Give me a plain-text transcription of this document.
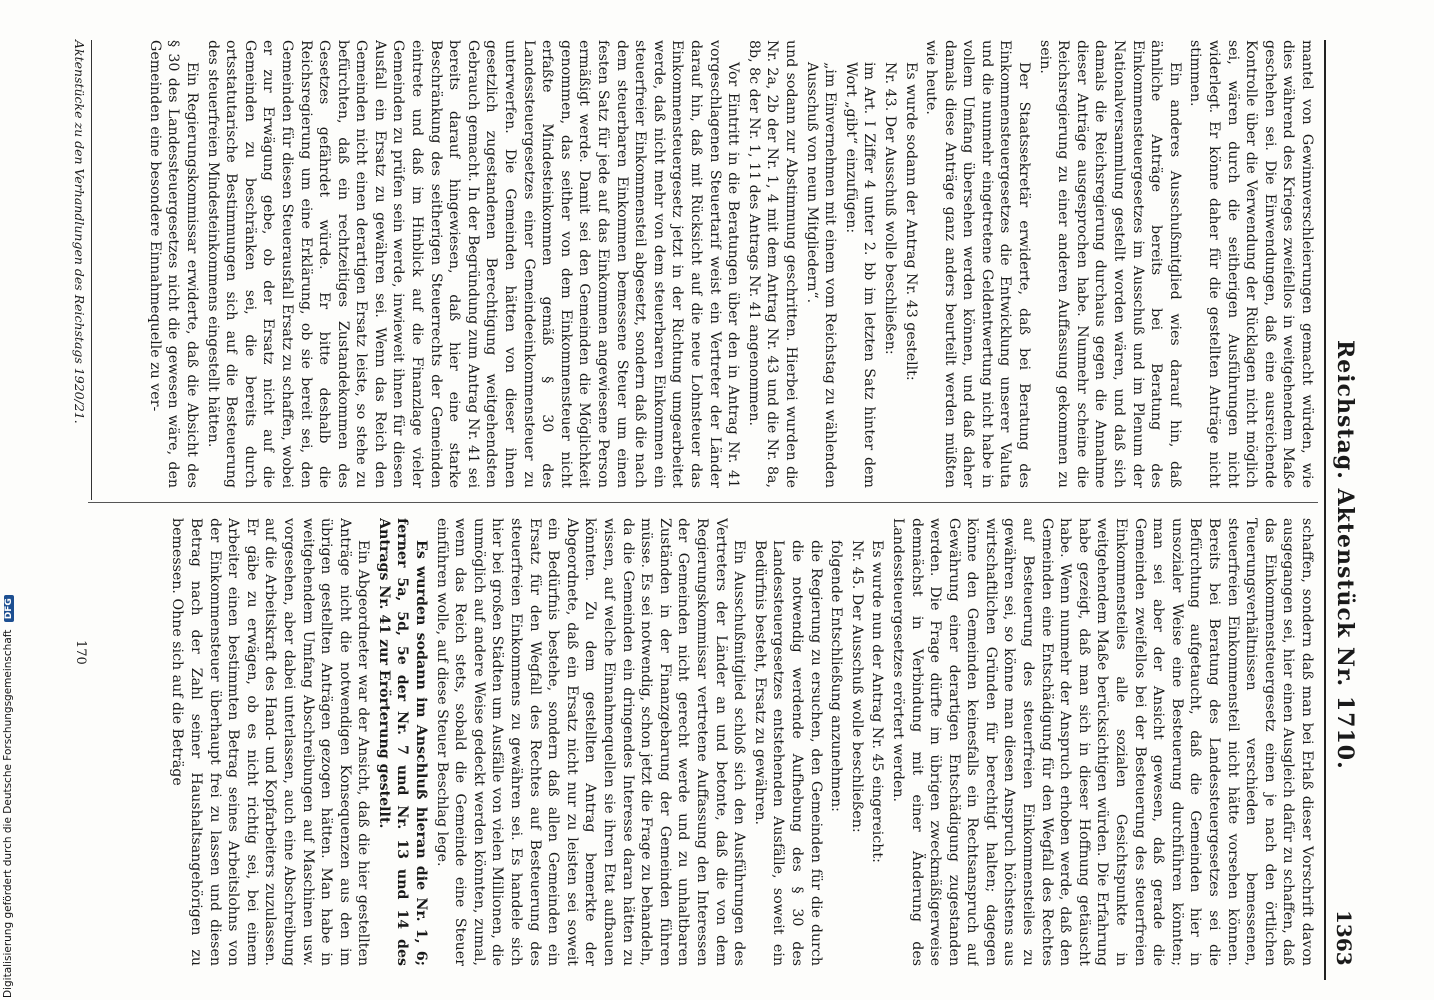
Reichstag. Aktenstück Nr. 1710.
1363

mantel von Gewinnverschleierungen gemacht würden, wie dies während des Krieges zweifellos in weitgehendem Maße geschehen sei. Die Einwendungen, daß eine ausreichende Kontrolle über die Verwendung der Rücklagen nicht möglich sei, wären durch die seitherigen Ausführungen nicht widerlegt. Er könne daher für die gestellten Anträge nicht stimmen.

Ein anderes Ausschußmitglied wies darauf hin, daß ähnliche Anträge bereits bei Beratung des Einkommensteuergesetzes im Ausschuß und im Plenum der Nationalversammlung gestellt worden wären, und daß sich damals die Reichsregierung durchaus gegen die Annahme dieser Anträge ausgesprochen habe. Nunmehr scheine die Reichsregierung zu einer anderen Auffassung gekommen zu sein.

Der Staatssekretär erwiderte, daß bei Beratung des Einkommensteuergesetzes die Entwicklung unserer Valuta und die nunmehr eingetretene Geldentwertung nicht habe in vollem Umfang übersehen werden können, und daß daher damals diese Anträge ganz anders beurteilt werden müßten wie heute.

Es wurde sodann der Antrag Nr. 43 gestellt:

Nr. 43. Der Ausschuß wolle beschließen:

im Art. I Ziffer 4 unter 2. bb im letzten Satz hinter dem Wort „gibt“ einzufügen:

„im Einvernehmen mit einem vom Reichstag zu wählenden Ausschuß von neun Mitgliedern“.

und sodann zur Abstimmung geschritten. Hierbei wurden die Nr. 2a, 2b der Nr. 1, 4 mit dem Antrag Nr. 43 und die Nr. 8a, 8b, 8c der Nr. 1, 11 des Antrags Nr. 41 angenommen.

Vor Eintritt in die Beratungen über den in Antrag Nr. 41 vorgeschlagenen Steuertarif weist ein Vertreter der Länder darauf hin, daß mit Rücksicht auf die neue Lohnsteuer das Einkommensteuergesetz jetzt in der Richtung umgearbeitet werde, daß nicht mehr von dem steuerbaren Einkommen ein steuerfreier Einkommensteil abgesetzt, sondern daß die nach dem steuerbaren Einkommen bemessene Steuer um einen festen Satz für jede auf das Einkommen angewiesene Person ermäßigt werde. Damit sei den Gemeinden die Möglichkeit genommen, das seither von dem Einkommensteuer nicht erfaßte Mindesteinkommen gemäß § 30 des Landessteuergesetzes einer Gemeindeeinkommensteuer zu unterwerfen. Die Gemeinden hätten von dieser ihnen gesetzlich zugestandenen Berechtigung weitgehendsten Gebrauch gemacht. In der Begründung zum Antrag Nr. 41 sei bereits darauf hingewiesen, daß hier eine starke Beschränkung des seitherigen Steuerrechts der Gemeinden eintrete und daß im Hinblick auf die Finanzlage vieler Gemeinden zu prüfen sein werde, inwieweit ihnen für diesen Ausfall ein Ersatz zu gewähren sei. Wenn das Reich den Gemeinden nicht einen derartigen Ersatz leiste, so stehe zu befürchten, daß ein rechtzeitiges Zustandekommen des Gesetzes gefährdet würde. Er bitte deshalb die Reichsregierung um eine Erklärung, ob sie bereit sei, den Gemeinden für diesen Steuerausfall Ersatz zu schaffen, wobei er zur Erwägung gebe, ob der Ersatz nicht auf die Gemeinden zu beschränken sei, die bereits durch ortsstatutarische Bestimmungen sich auf die Besteuerung des steuerfreien Mindesteinkommens eingestellt hätten.

Ein Regierungskommissar erwiderte, daß die Absicht des § 30 des Landessteuergesetzes nicht die gewesen wäre, den Gemeinden eine besondere Einnahmequelle zu ver-

schaffen, sondern daß man bei Erlaß dieser Vorschrift davon ausgegangen sei, hier einen Ausgleich dafür zu schaffen, daß das Einkommensteuergesetz einen je nach den örtlichen Teuerungsverhältnissen verschieden bemessenen, steuerfreien Einkommensteil nicht hätte vorsehen können. Bereits bei Beratung des Landessteuergesetzes sei die Befürchtung aufgetaucht, daß die Gemeinden hier in unsozialer Weise eine Besteuerung durchführen könnten; man sei aber der Ansicht gewesen, daß gerade die Gemeinden zweifellos bei der Besteuerung des steuerfreien Einkommensteiles alle sozialen Gesichtspunkte in weitgehendem Maße berücksichtigen würden. Die Erfahrung habe gezeigt, daß man sich in dieser Hoffnung getäuscht habe. Wenn nunmehr der Anspruch erhoben werde, daß den Gemeinden eine Entschädigung für den Wegfall des Rechtes auf Besteuerung des steuerfreien Einkommensteiles zu gewähren sei, so könne man diesen Anspruch höchstens aus wirtschaftlichen Gründen für berechtigt halten; dagegen könne den Gemeinden keinesfalls ein Rechtsanspruch auf Gewährung einer derartigen Entschädigung zugestanden werden. Die Frage dürfte im übrigen zweckmäßigerweise demnächst in Verbindung mit einer Änderung des Landessteuergesetzes erörtert werden.

Es wurde nun der Antrag Nr. 45 eingereicht:

Nr. 45. Der Ausschuß wolle beschließen:

folgende Entschließung anzunehmen:

die Regierung zu ersuchen, den Gemeinden für die durch die notwendig werdende Aufhebung des § 30 des Landessteuergesetzes entstehenden Ausfälle, soweit ein Bedürfnis besteht, Ersatz zu gewähren.

Ein Ausschußmitglied schloß sich den Ausführungen des Vertreters der Länder an und betonte, daß die von dem Regierungskommissar vertretene Auffassung den Interessen der Gemeinden nicht gerecht werde und zu unhaltbaren Zuständen in der Finanzgebarung der Gemeinden führen müsse. Es sei notwendig, schon jetzt die Frage zu behandeln, da die Gemeinden ein dringendes Interesse daran hätten zu wissen, auf welche Einnahmequellen sie ihren Etat aufbauen könnten. Zu dem gestellten Antrag bemerkte der Abgeordnete, daß ein Ersatz nicht nur zu leisten sei soweit ein Bedürfnis bestehe, sondern daß allen Gemeinden ein Ersatz für den Wegfall des Rechtes auf Besteuerung des steuerfreien Einkommens zu gewähren sei. Es handele sich hier bei großen Städten um Ausfälle von vielen Millionen, die unmöglich auf andere Weise gedeckt werden könnten, zumal, wenn das Reich stets, sobald die Gemeinde eine Steuer einführen wolle, auf diese Steuer Beschlag lege.

Es wurden sodann im Anschluß hieran die Nr. 1, 6; ferner 5a, 5d, 5e der Nr. 7 und Nr. 13 und 14 des Antrags Nr. 41 zur Erörterung gestellt.

Ein Abgeordneter war der Ansicht, daß die hier gestellten Anträge nicht die notwendigen Konsequenzen aus den im übrigen gestellten Anträgen gezogen hätten. Man habe in weitgehendem Umfang Abschreibungen auf Maschinen usw. vorgesehen, aber dabei unterlassen, auch eine Abschreibung auf die Arbeitskraft des Hand- und Kopfarbeiters zuzulassen. Er gäbe zu erwägen, ob es nicht richtig sei, bei einem Arbeiter einen bestimmten Betrag seines Arbeitslohns von der Einkommensteuer überhaupt frei zu lassen und diesen Betrag nach der Zahl seiner Haushaltsangehörigen zu bemessen. Ohne sich auf die Beträge

Aktenstücke zu den Verhandlungen des Reichstags 1920/21.
170
Digitalisierung gefördert durch die Deutsche Forschungsgemeinschaft DFG
